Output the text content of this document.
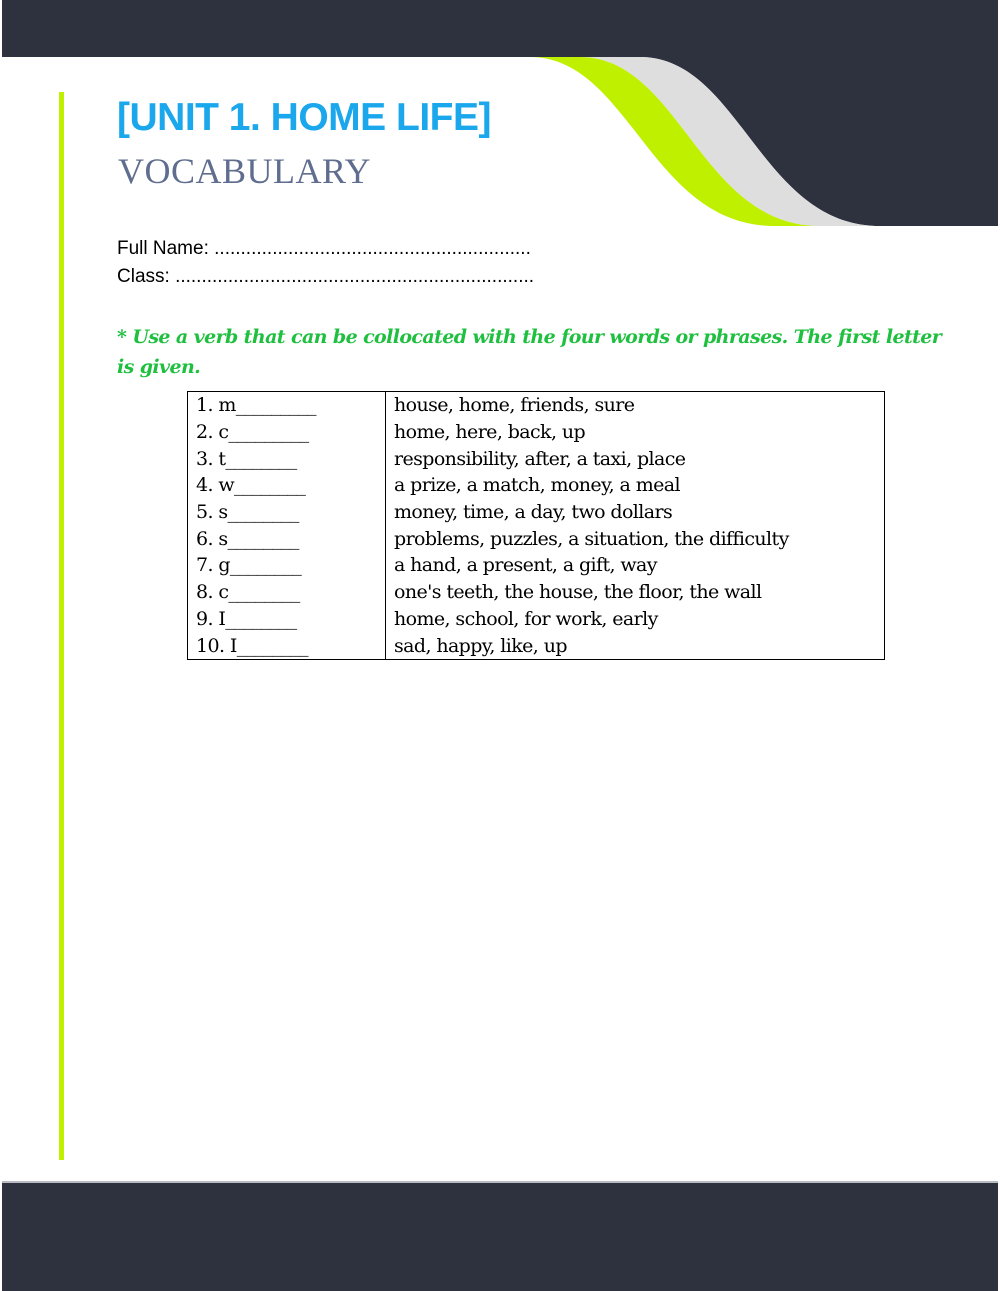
[UNIT 1. HOME LIFE]
VOCABULARY
Full Name: ............................................................
Class: ....................................................................

* Use a verb that can be collocated with the four words or phrases. The first letter is given.

1. m_________	house, home, friends, sure
2. c_________	home, here, back, up
3. t________	responsibility, after, a taxi, place
4. w________	a prize, a match, money, a meal
5. s________	money, time, a day, two dollars
6. s________	problems, puzzles, a situation, the difficulty
7. g________	a hand, a present, a gift, way
8. c________	one's teeth, the house, the floor, the wall
9. I________	home, school, for work, early
10. I________	sad, happy, like, up
